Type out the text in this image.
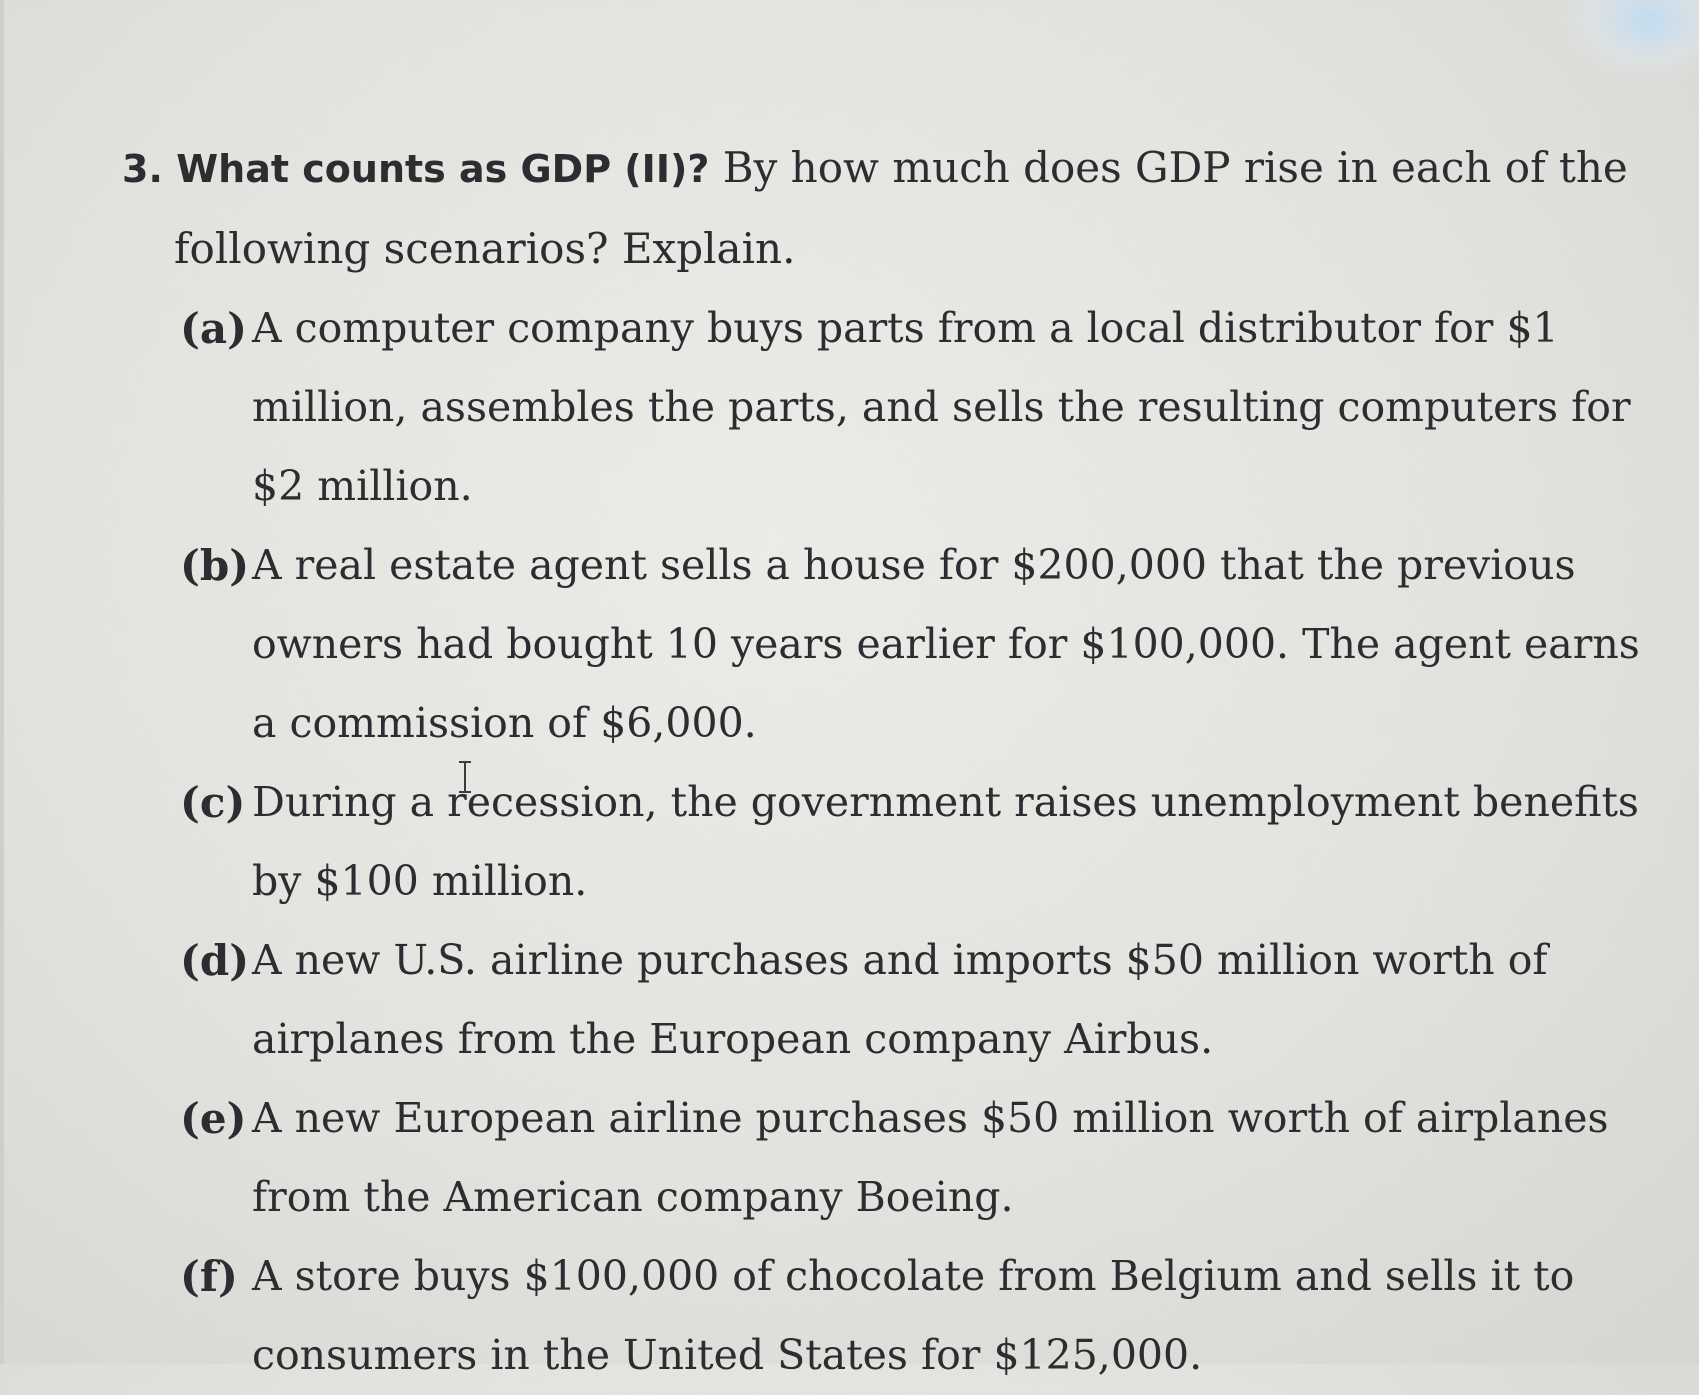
3. What counts as GDP (II)? By how much does GDP rise in each of the
following scenarios? Explain.
(a) A computer company buys parts from a local distributor for $1
million, assembles the parts, and sells the resulting computers for
$2 million.
(b) A real estate agent sells a house for $200,000 that the previous
owners had bought 10 years earlier for $100,000. The agent earns
a commission of $6,000.
(c) During a recession, the government raises unemployment benefits
by $100 million.
(d) A new U.S. airline purchases and imports $50 million worth of
airplanes from the European company Airbus.
(e) A new European airline purchases $50 million worth of airplanes
from the American company Boeing.
(f) A store buys $100,000 of chocolate from Belgium and sells it to
consumers in the United States for $125,000.
